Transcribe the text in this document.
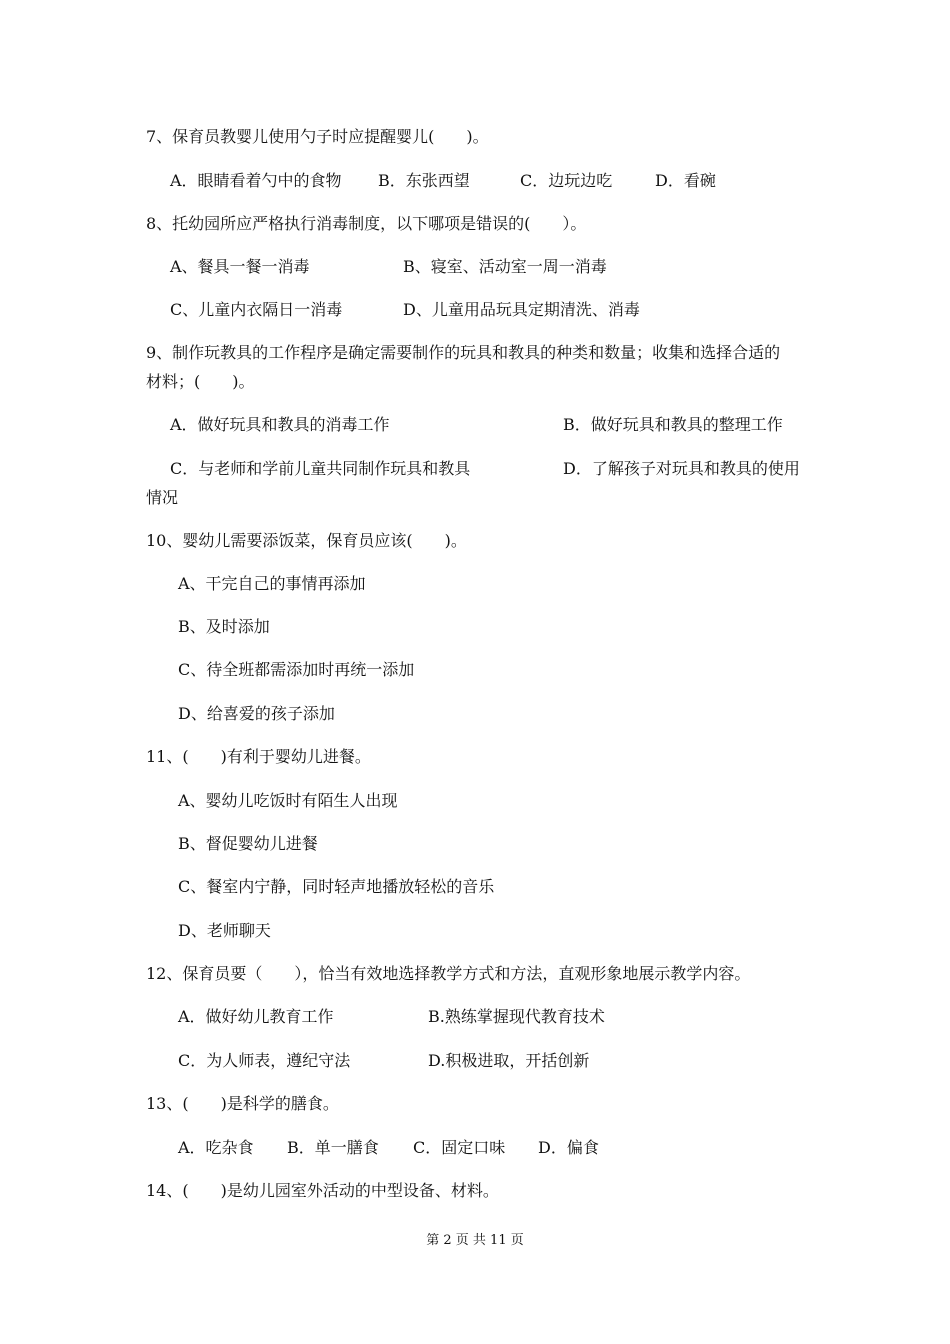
7、保育员教婴儿使用勺子时应提醒婴儿(　　)。
A．眼睛看着勺中的食物 B．东张西望	C．边玩边吃	D．看碗
8、托幼园所应严格执行消毒制度，以下哪项是错误的(　　）。
A、餐具一餐一消毒	B、寝室、活动室一周一消毒
C、儿童内衣隔日一消毒	D、儿童用品玩具定期清洗、消毒
9、制作玩教具的工作程序是确定需要制作的玩具和教具的种类和数量；收集和选择合适的
材料；(　　)。
A．做好玩具和教具的消毒工作	B．做好玩具和教具的整理工作
C．与老师和学前儿童共同制作玩具和教具	D．了解孩子对玩具和教具的使用
情况
10、婴幼儿需要添饭菜，保育员应该(　　)。
A、干完自己的事情再添加
B、及时添加
C、待全班都需添加时再统一添加
D、给喜爱的孩子添加
11、(　　)有利于婴幼儿进餐。
A、婴幼儿吃饭时有陌生人出现
B、督促婴幼儿进餐
C、餐室内宁静，同时轻声地播放轻松的音乐
D、老师聊天
12、保育员要（　　），恰当有效地选择教学方式和方法，直观形象地展示教学内容。
A．做好幼儿教育工作	B.熟练掌握现代教育技术
C．为人师表，遵纪守法	D.积极进取，开括创新
13、(　　)是科学的膳食。
A．吃杂食 B．单一膳食 C．固定口味 D．偏食
14、(　　)是幼儿园室外活动的中型设备、材料。
第 2 页 共 11 页
